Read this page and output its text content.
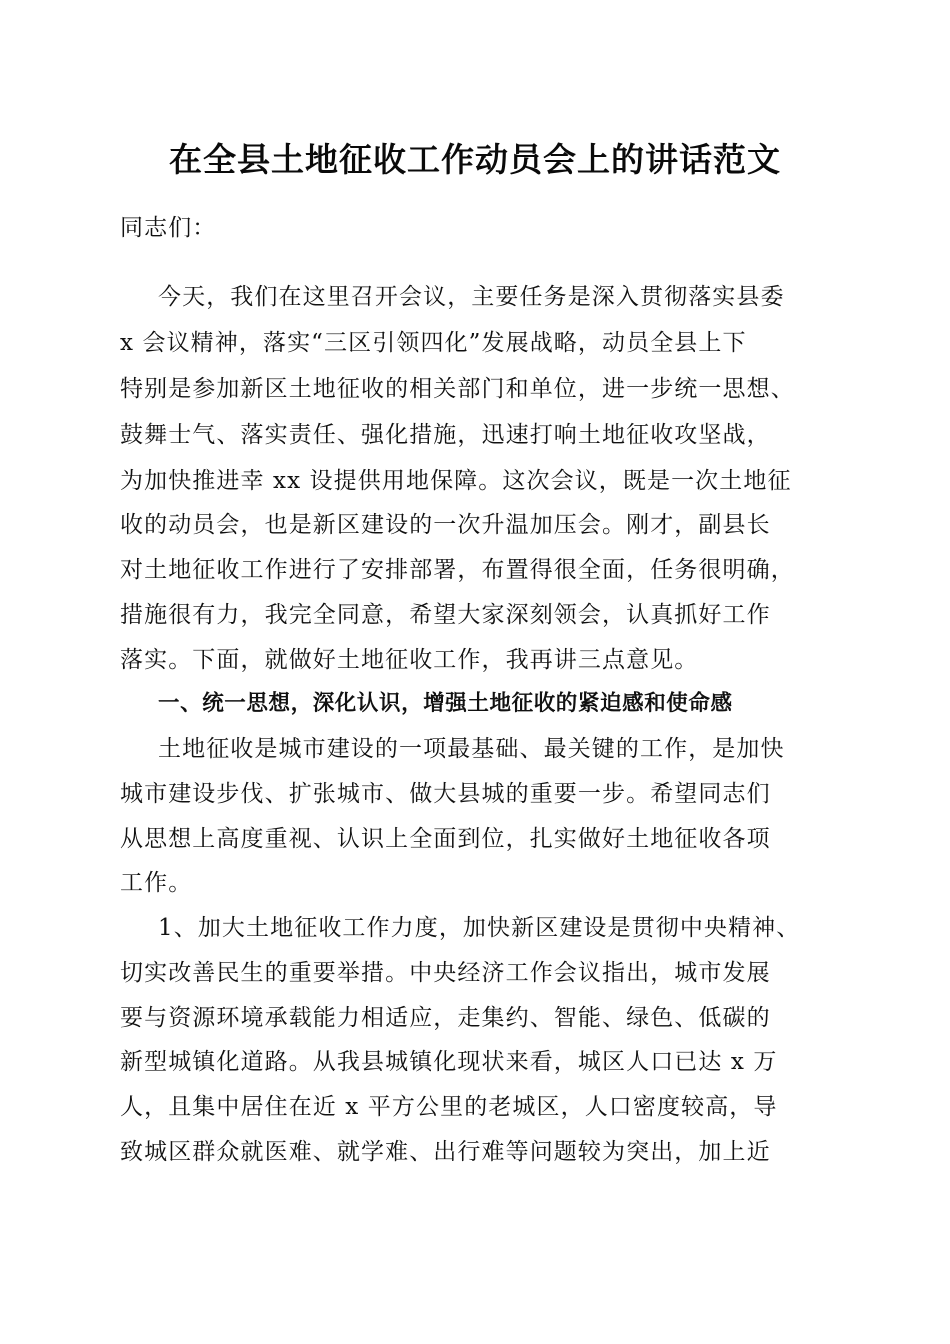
在全县土地征收工作动员会上的讲话范文

同志们：

今天，我们在这里召开会议，主要任务是深入贯彻落实县委

x 会议精神，落实“三区引领四化”发展战略，动员全县上下

特别是参加新区土地征收的相关部门和单位，进一步统一思想、

鼓舞士气、落实责任、强化措施，迅速打响土地征收攻坚战，

为加快推进幸 xx 设提供用地保障。这次会议，既是一次土地征

收的动员会，也是新区建设的一次升温加压会。刚才，副县长

对土地征收工作进行了安排部署，布置得很全面，任务很明确，

措施很有力，我完全同意，希望大家深刻领会，认真抓好工作

落实。下面，就做好土地征收工作，我再讲三点意见。

一、统一思想，深化认识，增强土地征收的紧迫感和使命感

土地征收是城市建设的一项最基础、最关键的工作，是加快

城市建设步伐、扩张城市、做大县城的重要一步。希望同志们

从思想上高度重视、认识上全面到位，扎实做好土地征收各项

工作。

1、加大土地征收工作力度，加快新区建设是贯彻中央精神、

切实改善民生的重要举措。中央经济工作会议指出，城市发展

要与资源环境承载能力相适应，走集约、智能、绿色、低碳的

新型城镇化道路。从我县城镇化现状来看，城区人口已达 x 万

人，且集中居住在近 x 平方公里的老城区，人口密度较高，导

致城区群众就医难、就学难、出行难等问题较为突出，加上近
